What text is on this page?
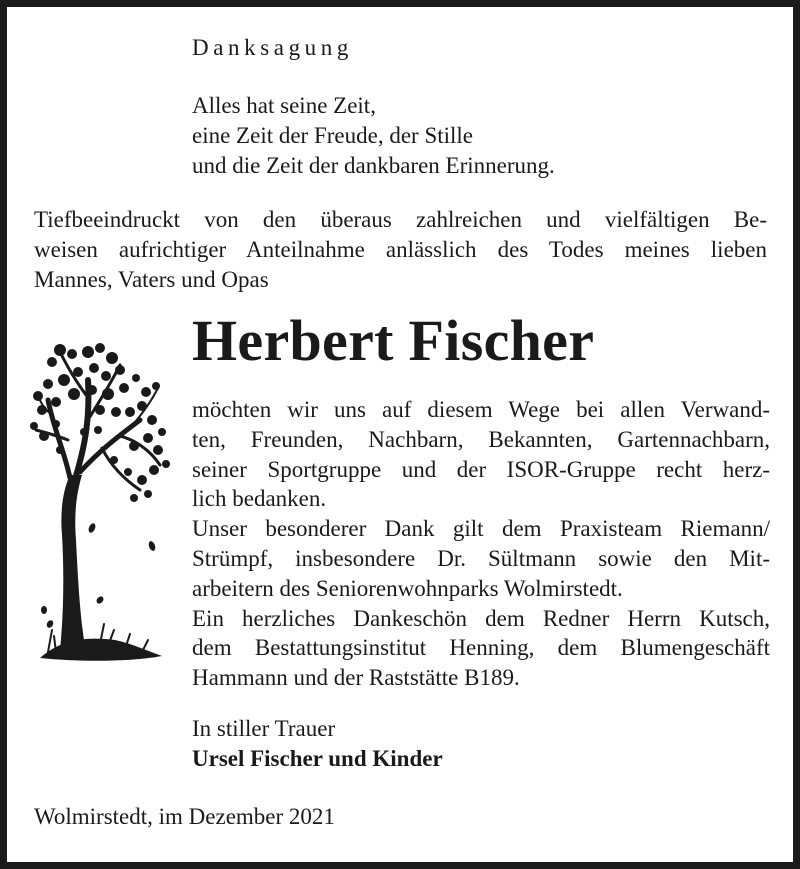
Danksagung
Alles hat seine Zeit,
eine Zeit der Freude, der Stille
und die Zeit der dankbaren Erinnerung.
Tiefbeeindruckt von den überaus zahlreichen und vielfältigen Be-
weisen aufrichtiger Anteilnahme anlässlich des Todes meines lieben
Mannes, Vaters und Opas
Herbert Fischer
möchten wir uns auf diesem Wege bei allen Verwand-
ten, Freunden, Nachbarn, Bekannten, Gartennachbarn,
seiner Sportgruppe und der ISOR-Gruppe recht herz-
lich bedanken.
Unser besonderer Dank gilt dem Praxisteam Riemann/
Strümpf, insbesondere Dr. Sültmann sowie den Mit-
arbeitern des Seniorenwohnparks Wolmirstedt.
Ein herzliches Dankeschön dem Redner Herrn Kutsch,
dem Bestattungsinstitut Henning, dem Blumengeschäft
Hammann und der Raststätte B189.
In stiller Trauer
Ursel Fischer und Kinder
Wolmirstedt, im Dezember 2021
